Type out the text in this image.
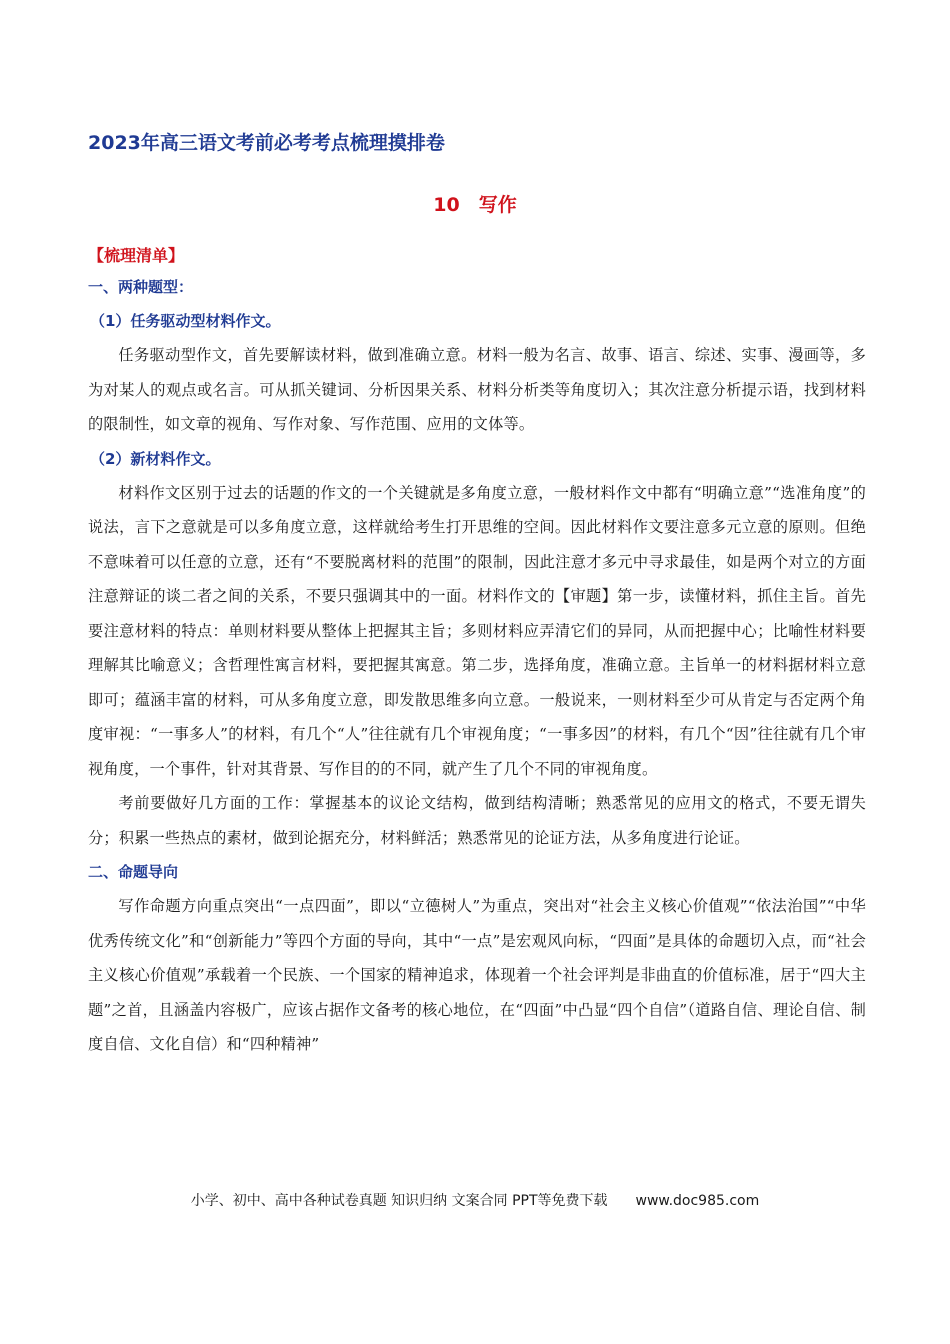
2023年高三语文考前必考考点梳理摸排卷
10　写作
【梳理清单】
一、两种题型：
（1）任务驱动型材料作文。

任务驱动型作文，首先要解读材料，做到准确立意。材料一般为名言、故事、语言、综述、实事、漫画等，多为对某人的观点或名言。可从抓关键词、分析因果关系、材料分析类等角度切入；其次注意分析提示语，找到材料的限制性，如文章的视角、写作对象、写作范围、应用的文体等。

（2）新材料作文。

材料作文区别于过去的话题的作文的一个关键就是多角度立意，一般材料作文中都有“明确立意”“选准角度”的说法，言下之意就是可以多角度立意，这样就给考生打开思维的空间。因此材料作文要注意多元立意的原则。但绝不意味着可以任意的立意，还有“不要脱离材料的范围”的限制，因此注意才多元中寻求最佳，如是两个对立的方面注意辩证的谈二者之间的关系，不要只强调其中的一面。材料作文的【审题】第一步，读懂材料，抓住主旨。首先要注意材料的特点：单则材料要从整体上把握其主旨；多则材料应弄清它们的异同，从而把握中心；比喻性材料要理解其比喻意义；含哲理性寓言材料，要把握其寓意。第二步，选择角度，准确立意。主旨单一的材料据材料立意即可；蕴涵丰富的材料，可从多角度立意，即发散思维多向立意。一般说来，一则材料至少可从肯定与否定两个角度审视：“一事多人”的材料，有几个“人”往往就有几个审视角度；“一事多因”的材料，有几个“因”往往就有几个审视角度，一个事件，针对其背景、写作目的的不同，就产生了几个不同的审视角度。

考前要做好几方面的工作：掌握基本的议论文结构，做到结构清晰；熟悉常见的应用文的格式，不要无谓失分；积累一些热点的素材，做到论据充分，材料鲜活；熟悉常见的论证方法，从多角度进行论证。

二、命题导向

写作命题方向重点突出“一点四面”，即以“立德树人”为重点，突出对“社会主义核心价值观”“依法治国”“中华优秀传统文化”和“创新能力”等四个方面的导向，其中“一点”是宏观风向标，“四面”是具体的命题切入点，而“社会主义核心价值观”承载着一个民族、一个国家的精神追求，体现着一个社会评判是非曲直的价值标准，居于“四大主题”之首，且涵盖内容极广，应该占据作文备考的核心地位，在“四面”中凸显“四个自信”（道路自信、理论自信、制度自信、文化自信）和“四种精神”

小学、初中、高中各种试卷真题 知识归纳 文案合同 PPT等免费下载 www.doc985.com
